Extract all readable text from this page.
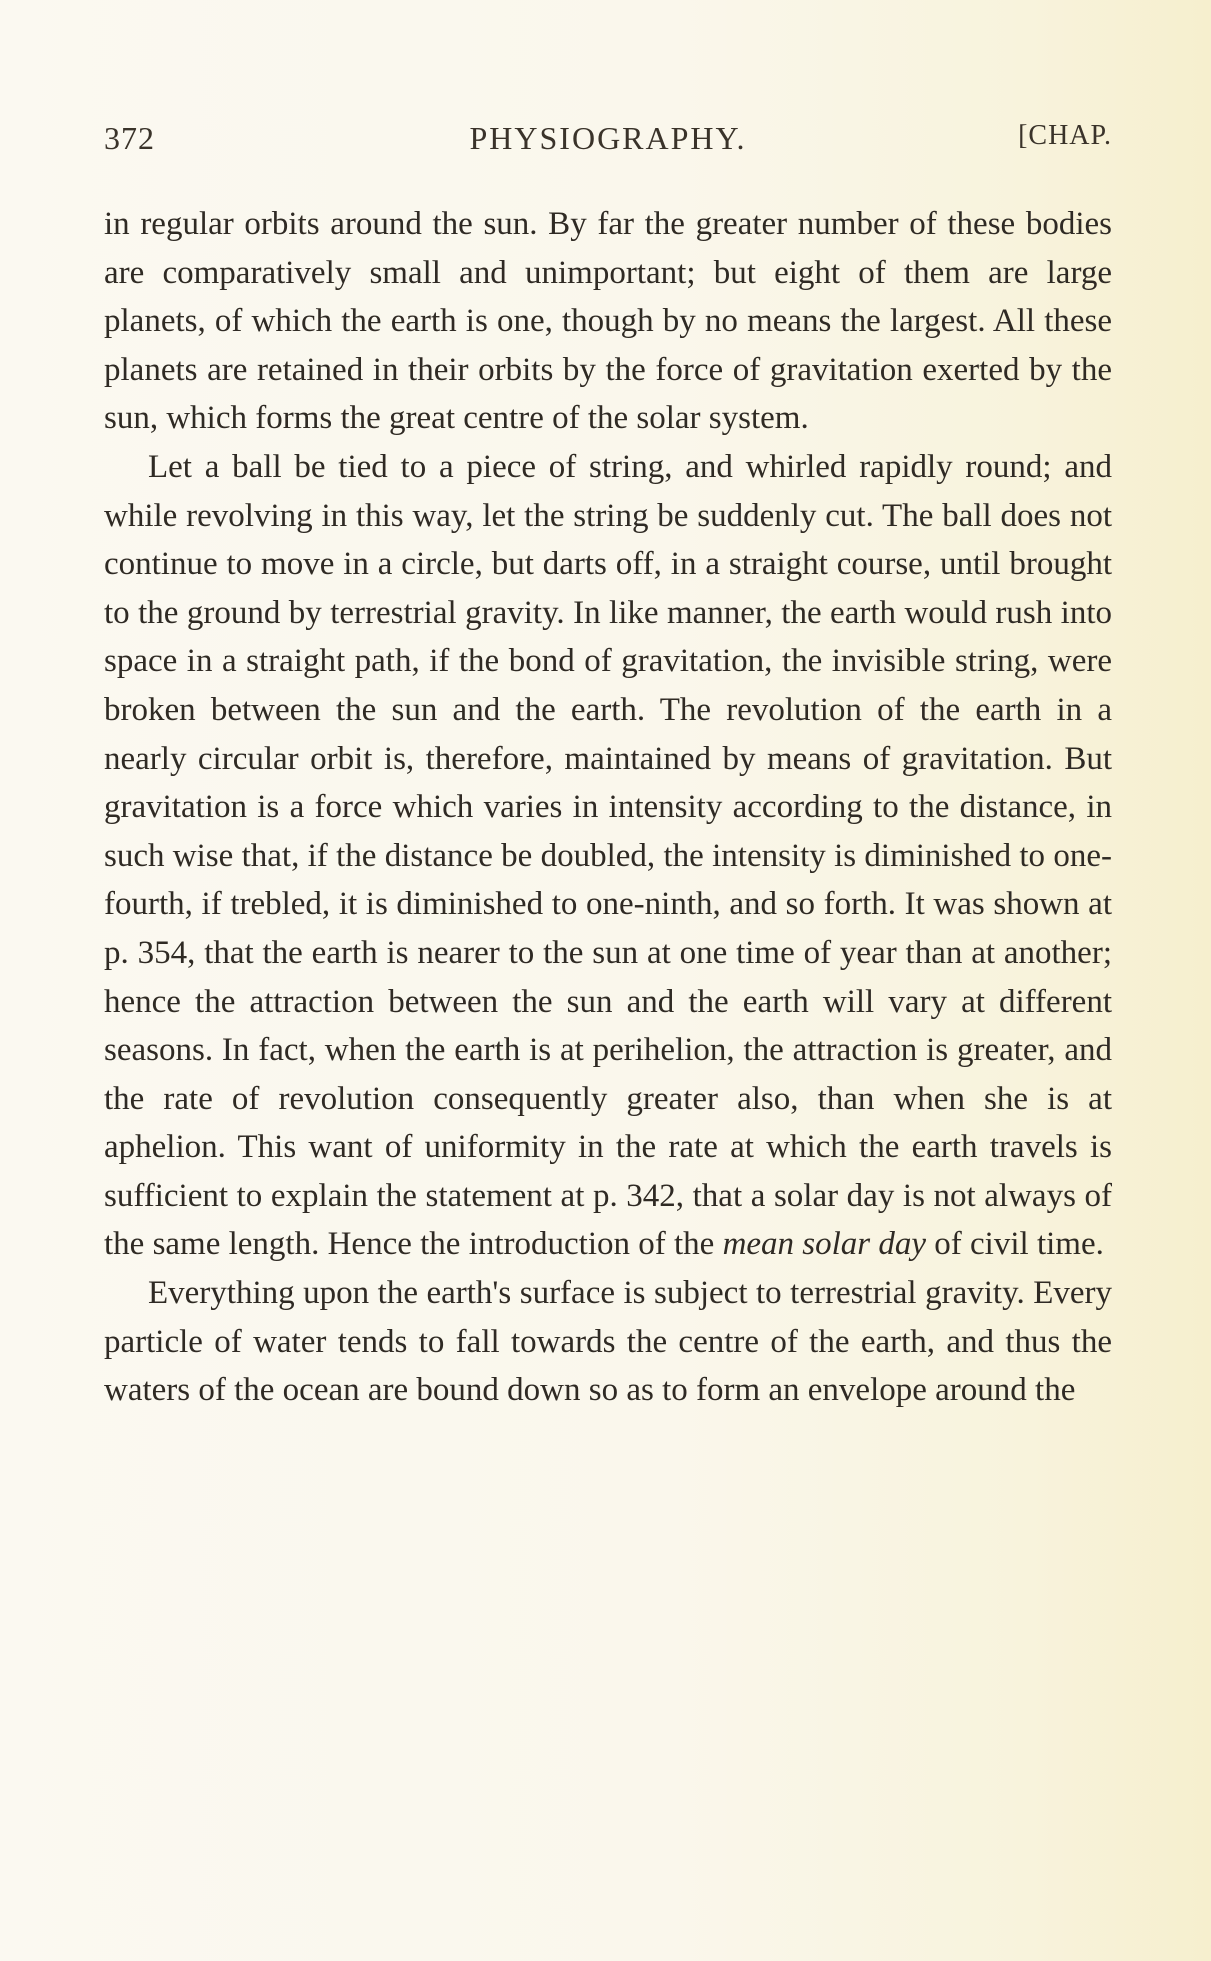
372	PHYSIOGRAPHY.	[CHAP.

in regular orbits around the sun. By far the greater number of these bodies are comparatively small and unimportant; but eight of them are large planets, of which the earth is one, though by no means the largest. All these planets are retained in their orbits by the force of gravitation exerted by the sun, which forms the great centre of the solar system.

Let a ball be tied to a piece of string, and whirled rapidly round; and while revolving in this way, let the string be suddenly cut. The ball does not continue to move in a circle, but darts off, in a straight course, until brought to the ground by terrestrial gravity. In like manner, the earth would rush into space in a straight path, if the bond of gravitation, the invisible string, were broken between the sun and the earth. The revolution of the earth in a nearly circular orbit is, therefore, maintained by means of gravitation. But gravitation is a force which varies in intensity according to the distance, in such wise that, if the distance be doubled, the intensity is diminished to one-fourth, if trebled, it is diminished to one-ninth, and so forth. It was shown at p. 354, that the earth is nearer to the sun at one time of year than at another; hence the attraction between the sun and the earth will vary at different seasons. In fact, when the earth is at perihelion, the attraction is greater, and the rate of revolution consequently greater also, than when she is at aphelion. This want of uniformity in the rate at which the earth travels is sufficient to explain the statement at p. 342, that a solar day is not always of the same length. Hence the introduction of the mean solar day of civil time.

Everything upon the earth's surface is subject to terrestrial gravity. Every particle of water tends to fall towards the centre of the earth, and thus the waters of the ocean are bound down so as to form an envelope around the
